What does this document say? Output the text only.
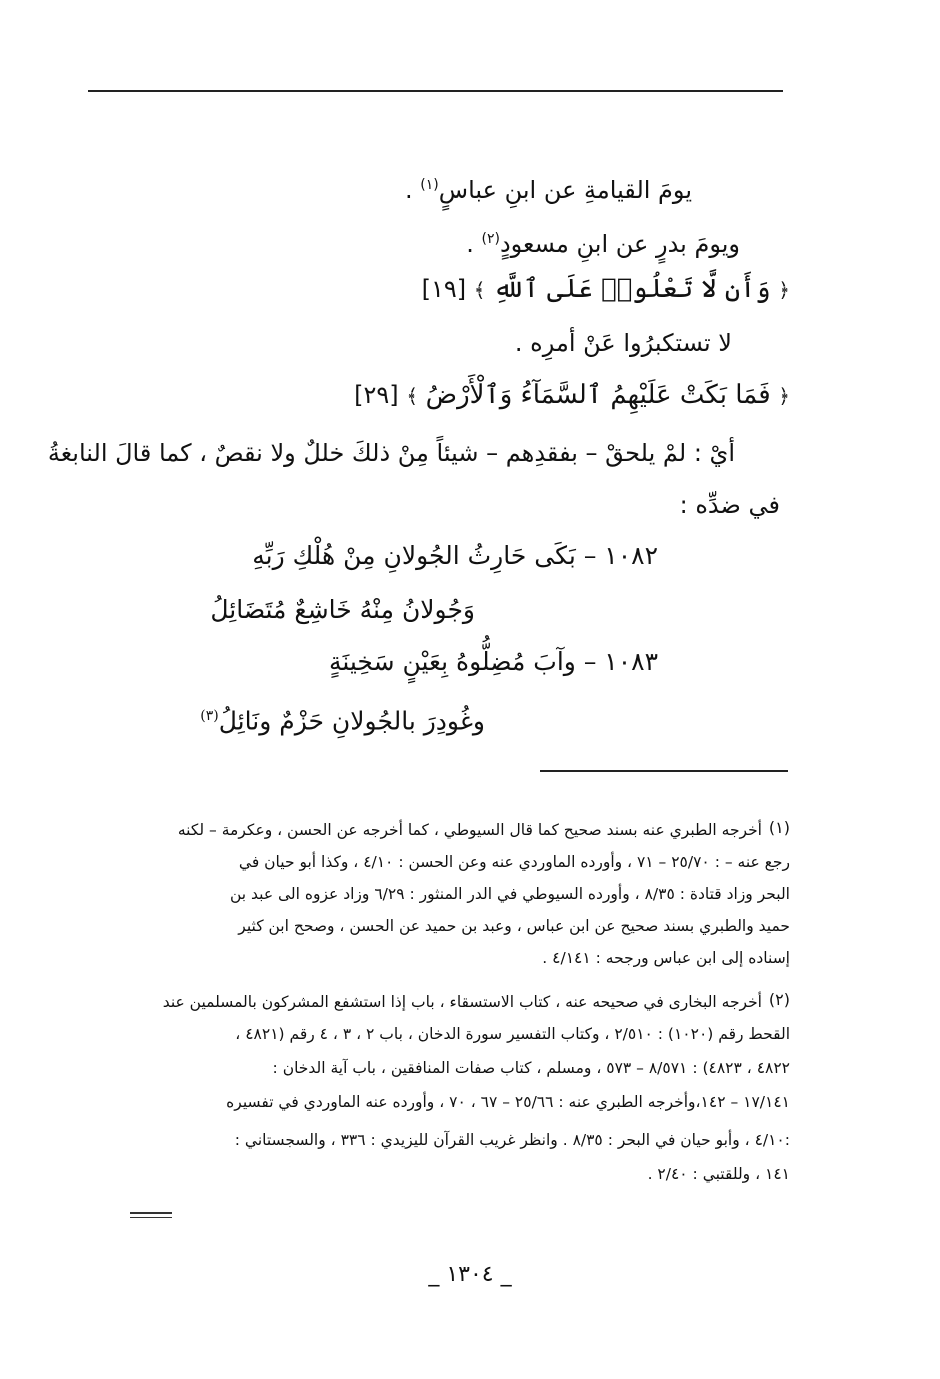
يومَ القيامةِ عن ابنِ عباسٍ$^{(١)}$ .
ويومَ بدرٍ عن ابنِ مسعودٍ$^{(٢)}$ .
﴿ وَأَن لَّا تَعْلُوا۟ عَلَى ٱللَّهِ ﴾ [١٩]
لا تستكبرُوا عَنْ أمرِه .
﴿ فَمَا بَكَتْ عَلَيْهِمُ ٱلسَّمَآءُ وَٱلْأَرْضُ ﴾ [٢٩]
أيْ : لمْ يلحقْ – بفقدِهم – شيئاً مِنْ ذلكَ خللٌ ولا نقصٌ ، كما قالَ النابغةُ
في ضدِّه :
١٠٨٢ – بَكَى حَارِثُ الجُولانِ مِنْ هُلْكِ رَبِّهِ
وَجُولانُ مِنْهُ خَاشِعٌ مُتَضَائِلُ
١٠٨٣ – وآبَ مُضِلُّوهُ بِعَيْنٍ سَخِينَةٍ
وغُودِرَ بالجُولانِ حَزْمٌ ونَائِلُ$^{(٣)}$
(١)
أخرجه الطبري عنه بسند صحيح كما قال السيوطي ، كما أخرجه عن الحسن ، وعكرمة – لكنه
رجع عنه – : ٢٥/٧٠ – ٧١ ، وأورده الماوردي عنه وعن الحسن : ٤/١٠ ، وكذا أبو حيان في
البحر وزاد قتادة : ٨/٣٥ ، وأورده السيوطي في الدر المنثور : ٦/٢٩ وزاد عزوه الى عبد بن
حميد والطبري بسند صحيح عن ابن عباس ، وعبد بن حميد عن الحسن ، وصحح ابن كثير
إسناده إلى ابن عباس ورجحه : ٤/١٤١ .
(٢)
أخرجه البخارى في صحيحه عنه ، كتاب الاستسقاء ، باب إذا استشفع المشركون بالمسلمين عند
القحط رقم (١٠٢٠) : ٢/٥١٠ ، وكتاب التفسير سورة الدخان ، باب ٢ ، ٣ ، ٤ رقم (٤٨٢١ ،
٤٨٢٢ ، ٤٨٢٣) : ٨/٥٧١ – ٥٧٣ ، ومسلم ، كتاب صفات المنافقين ، باب آية الدخان :
١٧/١٤١ – ١٤٢،وأخرجه الطبري عنه : ٢٥/٦٦ – ٦٧ ، ٧٠ ، وأورده عنه الماوردي في تفسيره
:٤/١٠ ، وأبو حيان في البحر : ٨/٣٥ . وانظر غريب القرآن لليزيدي : ٣٣٦ ، والسجستاني :
١٤١ ، وللقتبي : ٢/٤٠ .
_ ١٣٠٤ _
